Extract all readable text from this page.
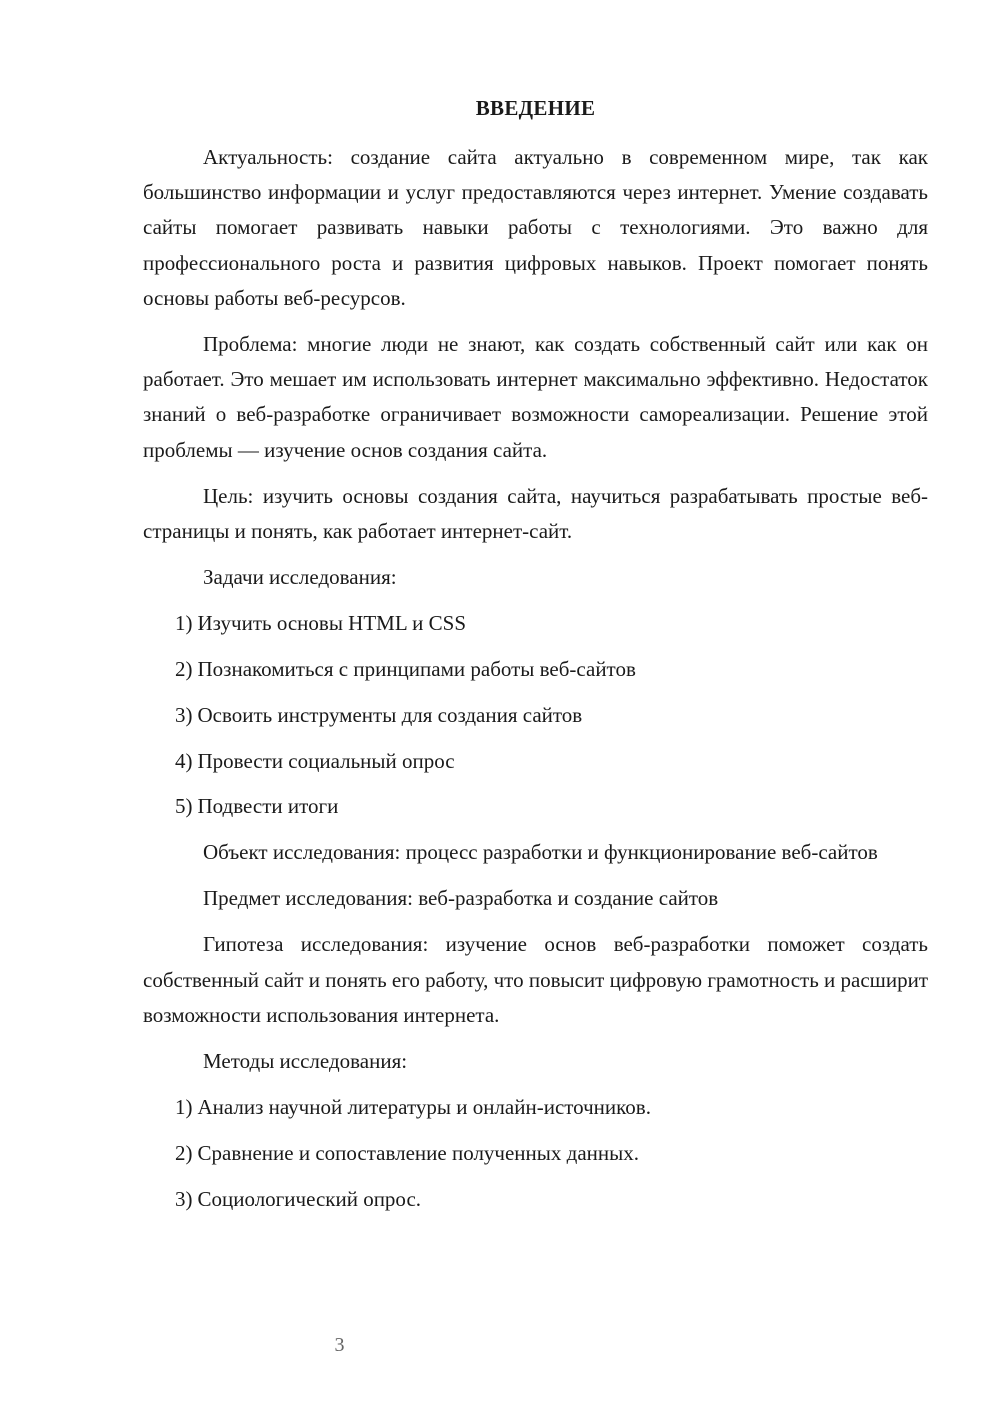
ВВЕДЕНИЕ

Актуальность: создание сайта актуально в современном мире, так как большинство информации и услуг предоставляются через интернет. Умение создавать сайты помогает развивать навыки работы с технологиями. Это важно для профессионального роста и развития цифровых навыков. Проект помогает понять основы работы веб-ресурсов.

Проблема: многие люди не знают, как создать собственный сайт или как он работает. Это мешает им использовать интернет максимально эффективно. Недостаток знаний о веб-разработке ограничивает возможности самореализации. Решение этой проблемы — изучение основ создания сайта.

Цель: изучить основы создания сайта, научиться разрабатывать простые веб-страницы и понять, как работает интернет-сайт.

Задачи исследования:

1) Изучить основы HTML и CSS
2) Познакомиться с принципами работы веб-сайтов
3) Освоить инструменты для создания сайтов
4) Провести социальный опрос
5) Подвести итоги

Объект исследования: процесс разработки и функционирование веб-сайтов

Предмет исследования: веб-разработка и создание сайтов

Гипотеза исследования: изучение основ веб-разработки поможет создать собственный сайт и понять его работу, что повысит цифровую грамотность и расширит возможности использования интернета.

Методы исследования:

1) Анализ научной литературы и онлайн-источников.
2) Сравнение и сопоставление полученных данных.
3) Социологический опрос.
3
